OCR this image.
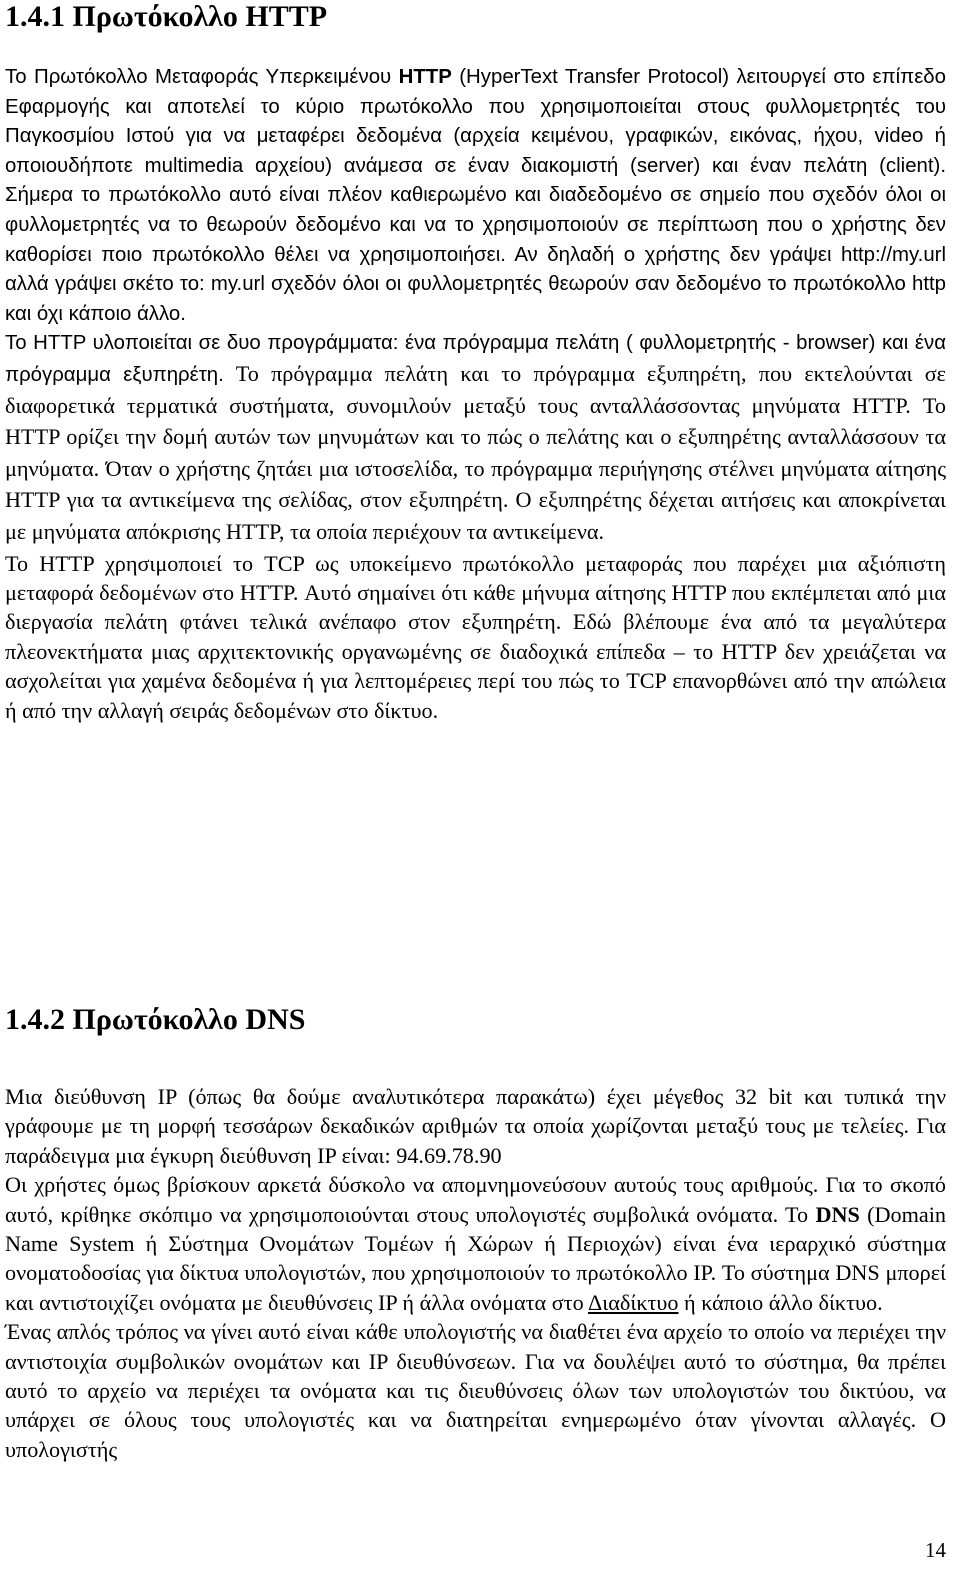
1.4.1 Πρωτόκολλο HTTP

Το Πρωτόκολλο Μεταφοράς Υπερκειμένου HTTP (HyperText Transfer Protocol) λειτουργεί στο επίπεδο Εφαρμογής και αποτελεί το κύριο πρωτόκολλο που χρησιμοποιείται στους φυλλομετρητές του Παγκοσμίου Ιστού για να μεταφέρει δεδομένα (αρχεία κειμένου, γραφικών, εικόνας, ήχου, video ή οποιουδήποτε multimedia αρχείου) ανάμεσα σε έναν διακομιστή (server) και έναν πελάτη (client). Σήμερα το πρωτόκολλο αυτό είναι πλέον καθιερωμένο και διαδεδομένο σε σημείο που σχεδόν όλοι οι φυλλομετρητές να το θεωρούν δεδομένο και να το χρησιμοποιούν σε περίπτωση που ο χρήστης δεν καθορίσει ποιο πρωτόκολλο θέλει να χρησιμοποιήσει. Αν δηλαδή ο χρήστης δεν γράψει http://my.url αλλά γράψει σκέτο το: my.url σχεδόν όλοι οι φυλλομετρητές θεωρούν σαν δεδομένο το πρωτόκολλο http και όχι κάποιο άλλο.

Το HTTP υλοποιείται σε δυο προγράμματα: ένα πρόγραμμα πελάτη ( φυλλομετρητής - browser) και ένα πρόγραμμα εξυπηρέτη. Το πρόγραμμα πελάτη και το πρόγραμμα εξυπηρέτη, που εκτελούνται σε διαφορετικά τερματικά συστήματα, συνομιλούν μεταξύ τους ανταλλάσσοντας μηνύματα HTTP. Το HTTP ορίζει την δομή αυτών των μηνυμάτων και το πώς ο πελάτης και ο εξυπηρέτης ανταλλάσσουν τα μηνύματα. Όταν ο χρήστης ζητάει μια ιστοσελίδα, το πρόγραμμα περιήγησης στέλνει μηνύματα αίτησης HTTP για τα αντικείμενα της σελίδας, στον εξυπηρέτη. Ο εξυπηρέτης δέχεται αιτήσεις και αποκρίνεται με μηνύματα απόκρισης HTTP, τα οποία περιέχουν τα αντικείμενα.

Το HTTP χρησιμοποιεί το TCP ως υποκείμενο πρωτόκολλο μεταφοράς που παρέχει μια αξιόπιστη μεταφορά δεδομένων στο HTTP. Αυτό σημαίνει ότι κάθε μήνυμα αίτησης HTTP που εκπέμπεται από μια διεργασία πελάτη φτάνει τελικά ανέπαφο στον εξυπηρέτη. Εδώ βλέπουμε ένα από τα μεγαλύτερα πλεονεκτήματα μιας αρχιτεκτονικής οργανωμένης σε διαδοχικά επίπεδα – το HTTP δεν χρειάζεται να ασχολείται για χαμένα δεδομένα ή για λεπτομέρειες περί του πώς το TCP επανορθώνει από την απώλεια ή από την αλλαγή σειράς δεδομένων στο δίκτυο.

1.4.2 Πρωτόκολλο DNS

Μια διεύθυνση IP (όπως θα δούμε αναλυτικότερα παρακάτω) έχει μέγεθος 32 bit και τυπικά την γράφουμε με τη μορφή τεσσάρων δεκαδικών αριθμών τα οποία χωρίζονται μεταξύ τους με τελείες. Για παράδειγμα μια έγκυρη διεύθυνση IP είναι: 94.69.78.90

Οι χρήστες όμως βρίσκουν αρκετά δύσκολο να απομνημονεύσουν αυτούς τους αριθμούς. Για το σκοπό αυτό, κρίθηκε σκόπιμο να χρησιμοποιούνται στους υπολογιστές συμβολικά ονόματα. Το DNS (Domain Name System ή Σύστημα Ονομάτων Τομέων ή Χώρων ή Περιοχών) είναι ένα ιεραρχικό σύστημα ονοματοδοσίας για δίκτυα υπολογιστών, που χρησιμοποιούν το πρωτόκολλο IP. Το σύστημα DNS μπορεί και αντιστοιχίζει ονόματα με διευθύνσεις IP ή άλλα ονόματα στο Διαδίκτυο ή κάποιο άλλο δίκτυο.

Ένας απλός τρόπος να γίνει αυτό είναι κάθε υπολογιστής να διαθέτει ένα αρχείο το οποίο να περιέχει την αντιστοιχία συμβολικών ονομάτων και IP διευθύνσεων. Για να δουλέψει αυτό το σύστημα, θα πρέπει αυτό το αρχείο να περιέχει τα ονόματα και τις διευθύνσεις όλων των υπολογιστών του δικτύου, να υπάρχει σε όλους τους υπολογιστές και να διατηρείται ενημερωμένο όταν γίνονται αλλαγές. Ο υπολογιστής

14
